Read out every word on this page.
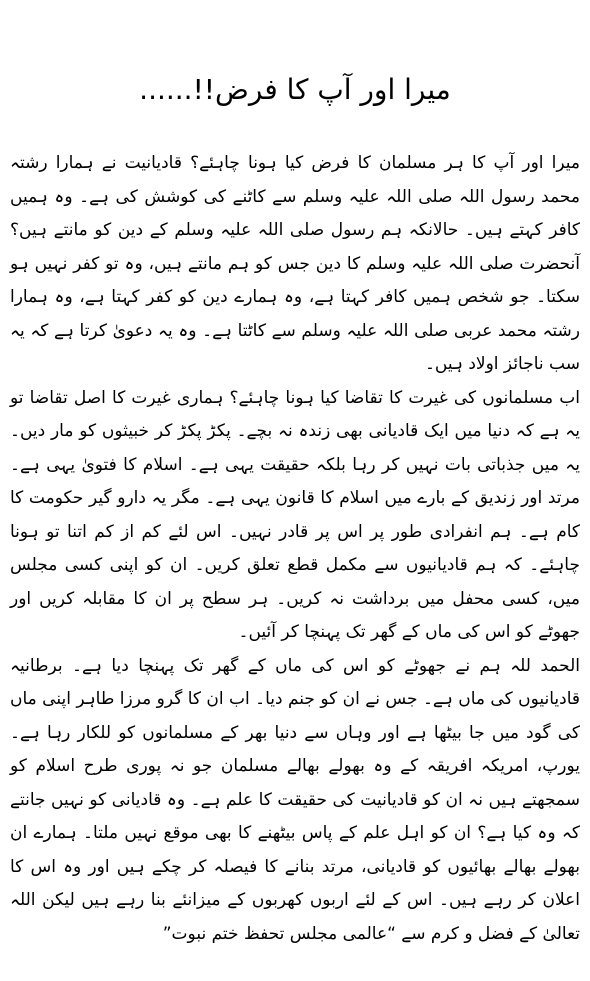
میرا اور آپ کا فرض!!......

میرا اور آپ کا ہر مسلمان کا فرض کیا ہونا چاہئے؟ قادیانیت نے ہمارا رشتہ محمد رسول اللہ صلی اللہ علیہ وسلم سے کاٹنے کی کوشش کی ہے۔ وہ ہمیں کافر کہتے ہیں۔ حالانکہ ہم رسول صلی اللہ علیہ وسلم کے دین کو مانتے ہیں؟ آنحضرت صلی اللہ علیہ وسلم کا دین جس کو ہم مانتے ہیں، وہ تو کفر نہیں ہو سکتا۔ جو شخص ہمیں کافر کہتا ہے، وہ ہمارے دین کو کفر کہتا ہے، وہ ہمارا رشتہ محمد عربی صلی اللہ علیہ وسلم سے کاٹتا ہے۔ وہ یہ دعویٰ کرتا ہے کہ یہ سب ناجائز اولاد ہیں۔

اب مسلمانوں کی غیرت کا تقاضا کیا ہونا چاہئے؟ ہماری غیرت کا اصل تقاضا تو یہ ہے کہ دنیا میں ایک قادیانی بھی زندہ نہ بچے۔ پکڑ پکڑ کر خبیثوں کو مار دیں۔ یہ میں جذباتی بات نہیں کر رہا بلکہ حقیقت یہی ہے۔ اسلام کا فتویٰ یہی ہے۔ مرتد اور زندیق کے بارے میں اسلام کا قانون یہی ہے۔ مگر یہ دارو گیر حکومت کا کام ہے۔ ہم انفرادی طور پر اس پر قادر نہیں۔ اس لئے کم از کم اتنا تو ہونا چاہئے۔ کہ ہم قادیانیوں سے مکمل قطع تعلق کریں۔ ان کو اپنی کسی مجلس میں، کسی محفل میں برداشت نہ کریں۔ ہر سطح پر ان کا مقابلہ کریں اور جھوٹے کو اس کی ماں کے گھر تک پہنچا کر آئیں۔

الحمد للہ ہم نے جھوٹے کو اس کی ماں کے گھر تک پہنچا دیا ہے۔ برطانیہ قادیانیوں کی ماں ہے۔ جس نے ان کو جنم دیا۔ اب ان کا گرو مرزا طاہر اپنی ماں کی گود میں جا بیٹھا ہے اور وہاں سے دنیا بھر کے مسلمانوں کو للکار رہا ہے۔ یورپ، امریکہ افریقہ کے وہ بھولے بھالے مسلمان جو نہ پوری طرح اسلام کو سمجھتے ہیں نہ ان کو قادیانیت کی حقیقت کا علم ہے۔ وہ قادیانی کو نہیں جانتے کہ وہ کیا ہے؟ ان کو اہل علم کے پاس بیٹھنے کا بھی موقع نہیں ملتا۔ ہمارے ان بھولے بھالے بھائیوں کو قادیانی، مرتد بنانے کا فیصلہ کر چکے ہیں اور وہ اس کا اعلان کر رہے ہیں۔ اس کے لئے اربوں کھربوں کے میزانئے بنا رہے ہیں لیکن اللہ تعالیٰ کے فضل و کرم سے “عالمی مجلس تحفظ ختم نبوت”
